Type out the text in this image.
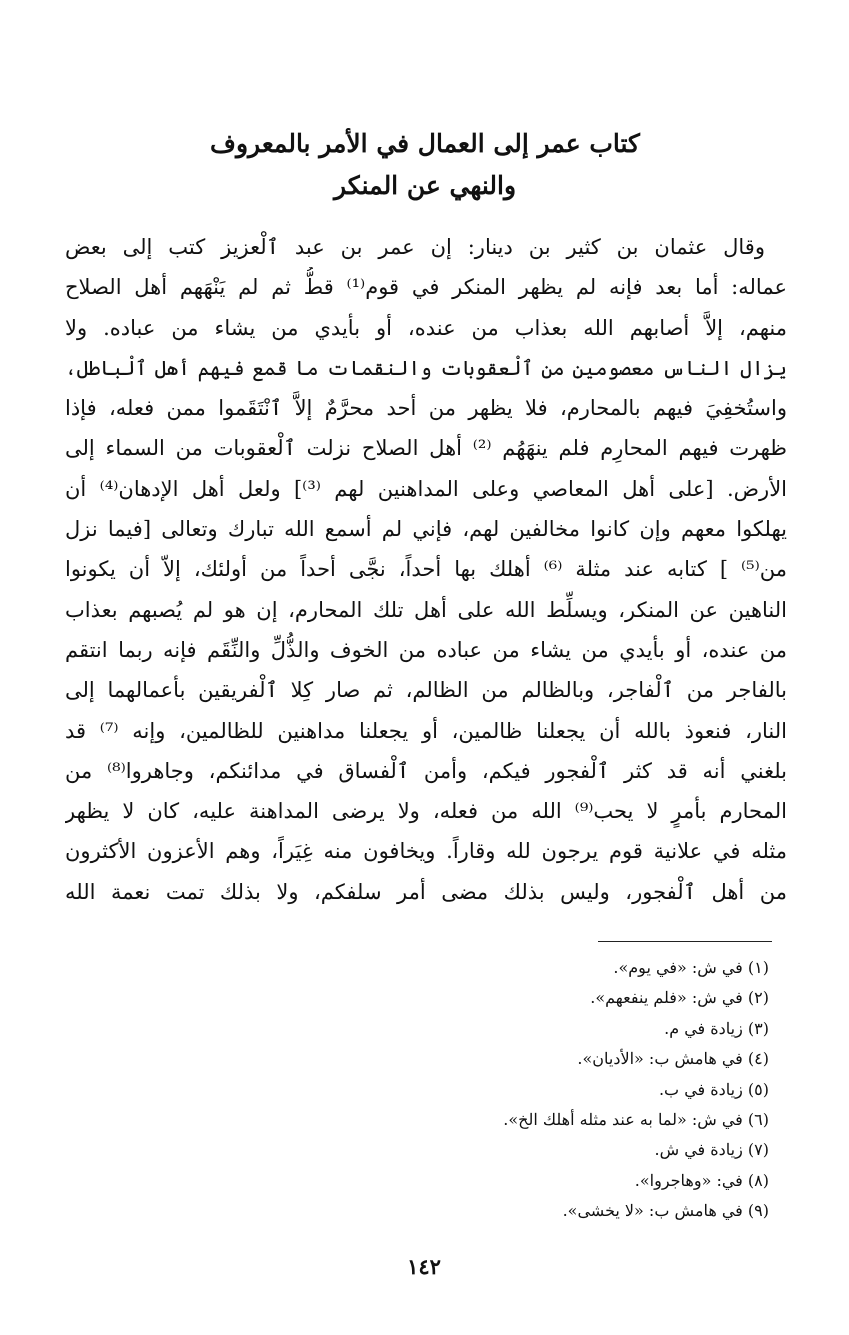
كتاب عمر إلى العمال في الأمر بالمعروف
والنهي عن المنكر
وقال عثمان بن كثير بن دينار: إن عمر بن عبد ٱلْعزيز كتب إلى بعض
عماله: أما بعد فإنه لم يظهر المنكر في قوم⁽¹⁾ قطُّ ثم لم يَنْهَهم أهل الصلاح
منهم، إلاَّ أصابهم الله بعذاب من عنده، أو بأيدي من يشاء من عباده. ولا
يزال الناس معصومين من ٱلْعقوبات والنقمات ما قمع فيهم أهل ٱلْباطل،
واستُخفِيَ فيهم بالمحارم، فلا يظهر من أحد محرَّمٌ إلاَّ ٱنْتَقَموا ممن فعله، فإذا
ظهرت فيهم المحارِم فلم ينهَهُم ⁽²⁾ أهل الصلاح نزلت ٱلْعقوبات من السماء إلى
الأرض. [على أهل المعاصي وعلى المداهنين لهم ⁽³⁾] ولعل أهل الإدهان⁽⁴⁾ أن
يهلكوا معهم وإن كانوا مخالفين لهم، فإني لم أسمع الله تبارك وتعالى [فيما نزل
من⁽⁵⁾ ] كتابه عند مثلة ⁽⁶⁾ أهلك بها أحداً، نجَّى أحداً من أولئك، إلاّ أن يكونوا
الناهين عن المنكر، ويسلِّط الله على أهل تلك المحارم، إن هو لم يُصبهم بعذاب
من عنده، أو بأيدي من يشاء من عباده من الخوف والذُّلِّ والنِّقَم فإنه ربما انتقم
بالفاجر من ٱلْفاجر، وبالظالم من الظالم، ثم صار كِلا ٱلْفريقين بأعمالهما إلى
النار، فنعوذ بالله أن يجعلنا ظالمين، أو يجعلنا مداهنين للظالمين، وإنه ⁽⁷⁾ قد
بلغني أنه قد كثر ٱلْفجور فيكم، وأمن ٱلْفساق في مدائنكم، وجاهروا⁽⁸⁾ من
المحارم بأمرٍ لا يحب⁽⁹⁾ الله من فعله، ولا يرضى المداهنة عليه، كان لا يظهر
مثله في علانية قوم يرجون لله وقاراً. ويخافون منه غِيَراً، وهم الأعزون الأكثرون
من أهل ٱلْفجور، وليس بذلك مضى أمر سلفكم، ولا بذلك تمت نعمة الله
(١) في ش: «في يوم».
(٢) في ش: «فلم ينفعهم».
(٣) زيادة في م.
(٤) في هامش ب: «الأديان».
(٥) زيادة في ب.
(٦) في ش: «لما به عند مثله أهلك الخ».
(٧) زيادة في ش.
(٨) في: «وهاجروا».
(٩) في هامش ب: «لا يخشى».
١٤٢
